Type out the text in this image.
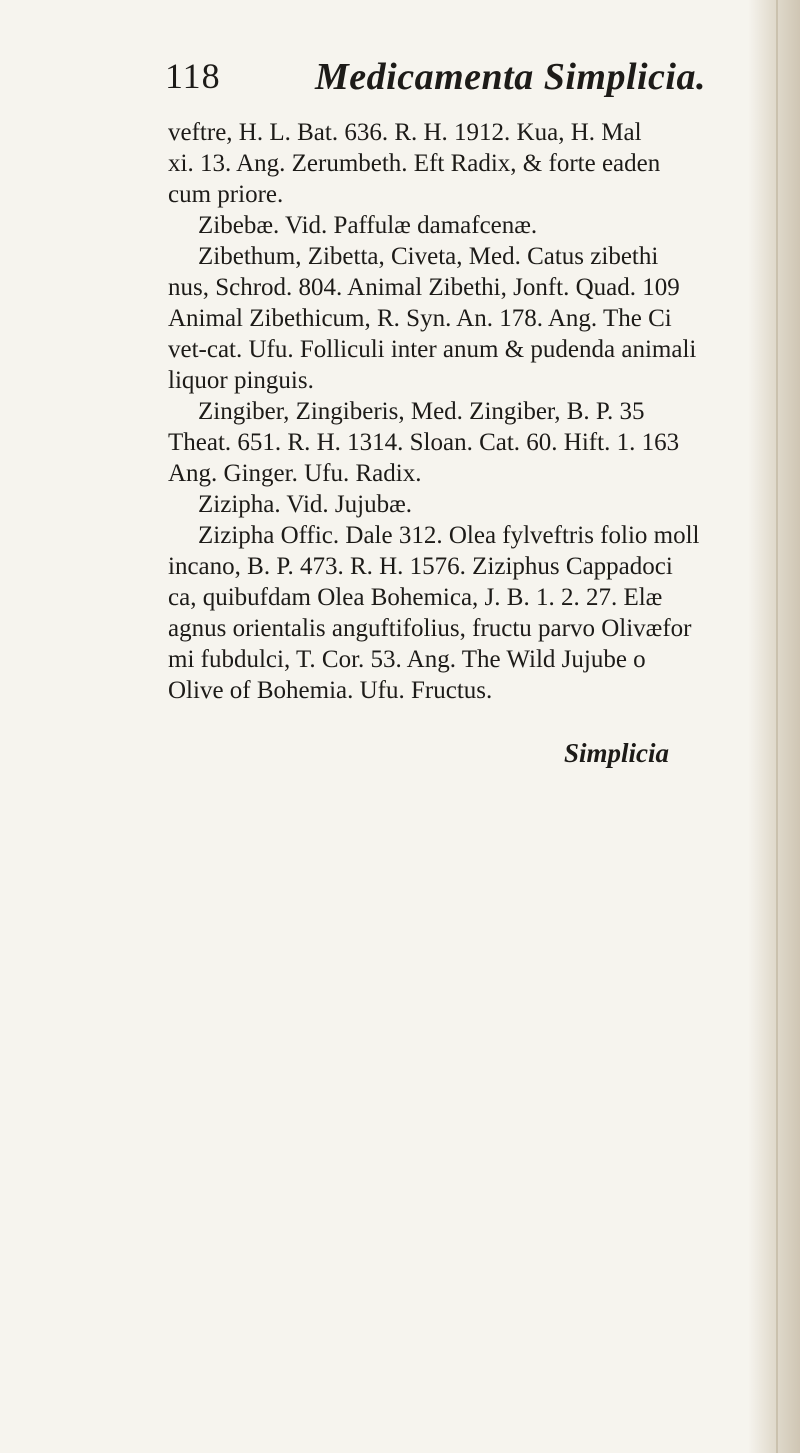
118 Medicamenta Simplicia.
veftre, H. L. Bat. 636. R. H. 1912. Kua, H. Mal
xi. 13. Ang. Zerumbeth. Eft Radix, & forte eaden
cum priore.
Zibebæ. Vid. Paffulæ damafcenæ.
Zibethum, Zibetta, Civeta, Med. Catus zibethi
nus, Schrod. 804. Animal Zibethi, Jonft. Quad. 109
Animal Zibethicum, R. Syn. An. 178. Ang. The Ci
vet-cat. Ufu. Folliculi inter anum & pudenda animali
liquor pinguis.
Zingiber, Zingiberis, Med. Zingiber, B. P. 35
Theat. 651. R. H. 1314. Sloan. Cat. 60. Hift. 1. 163
Ang. Ginger. Ufu. Radix.
Zizipha. Vid. Jujubæ.
Zizipha Offic. Dale 312. Olea fylveftris folio moll
incano, B. P. 473. R. H. 1576. Ziziphus Cappadoci
ca, quibufdam Olea Bohemica, J. B. 1. 2. 27. Elæ
agnus orientalis anguftifolius, fructu parvo Olivæfor
mi fubdulci, T. Cor. 53. Ang. The Wild Jujube o
Olive of Bohemia. Ufu. Fructus.
Simplicia
